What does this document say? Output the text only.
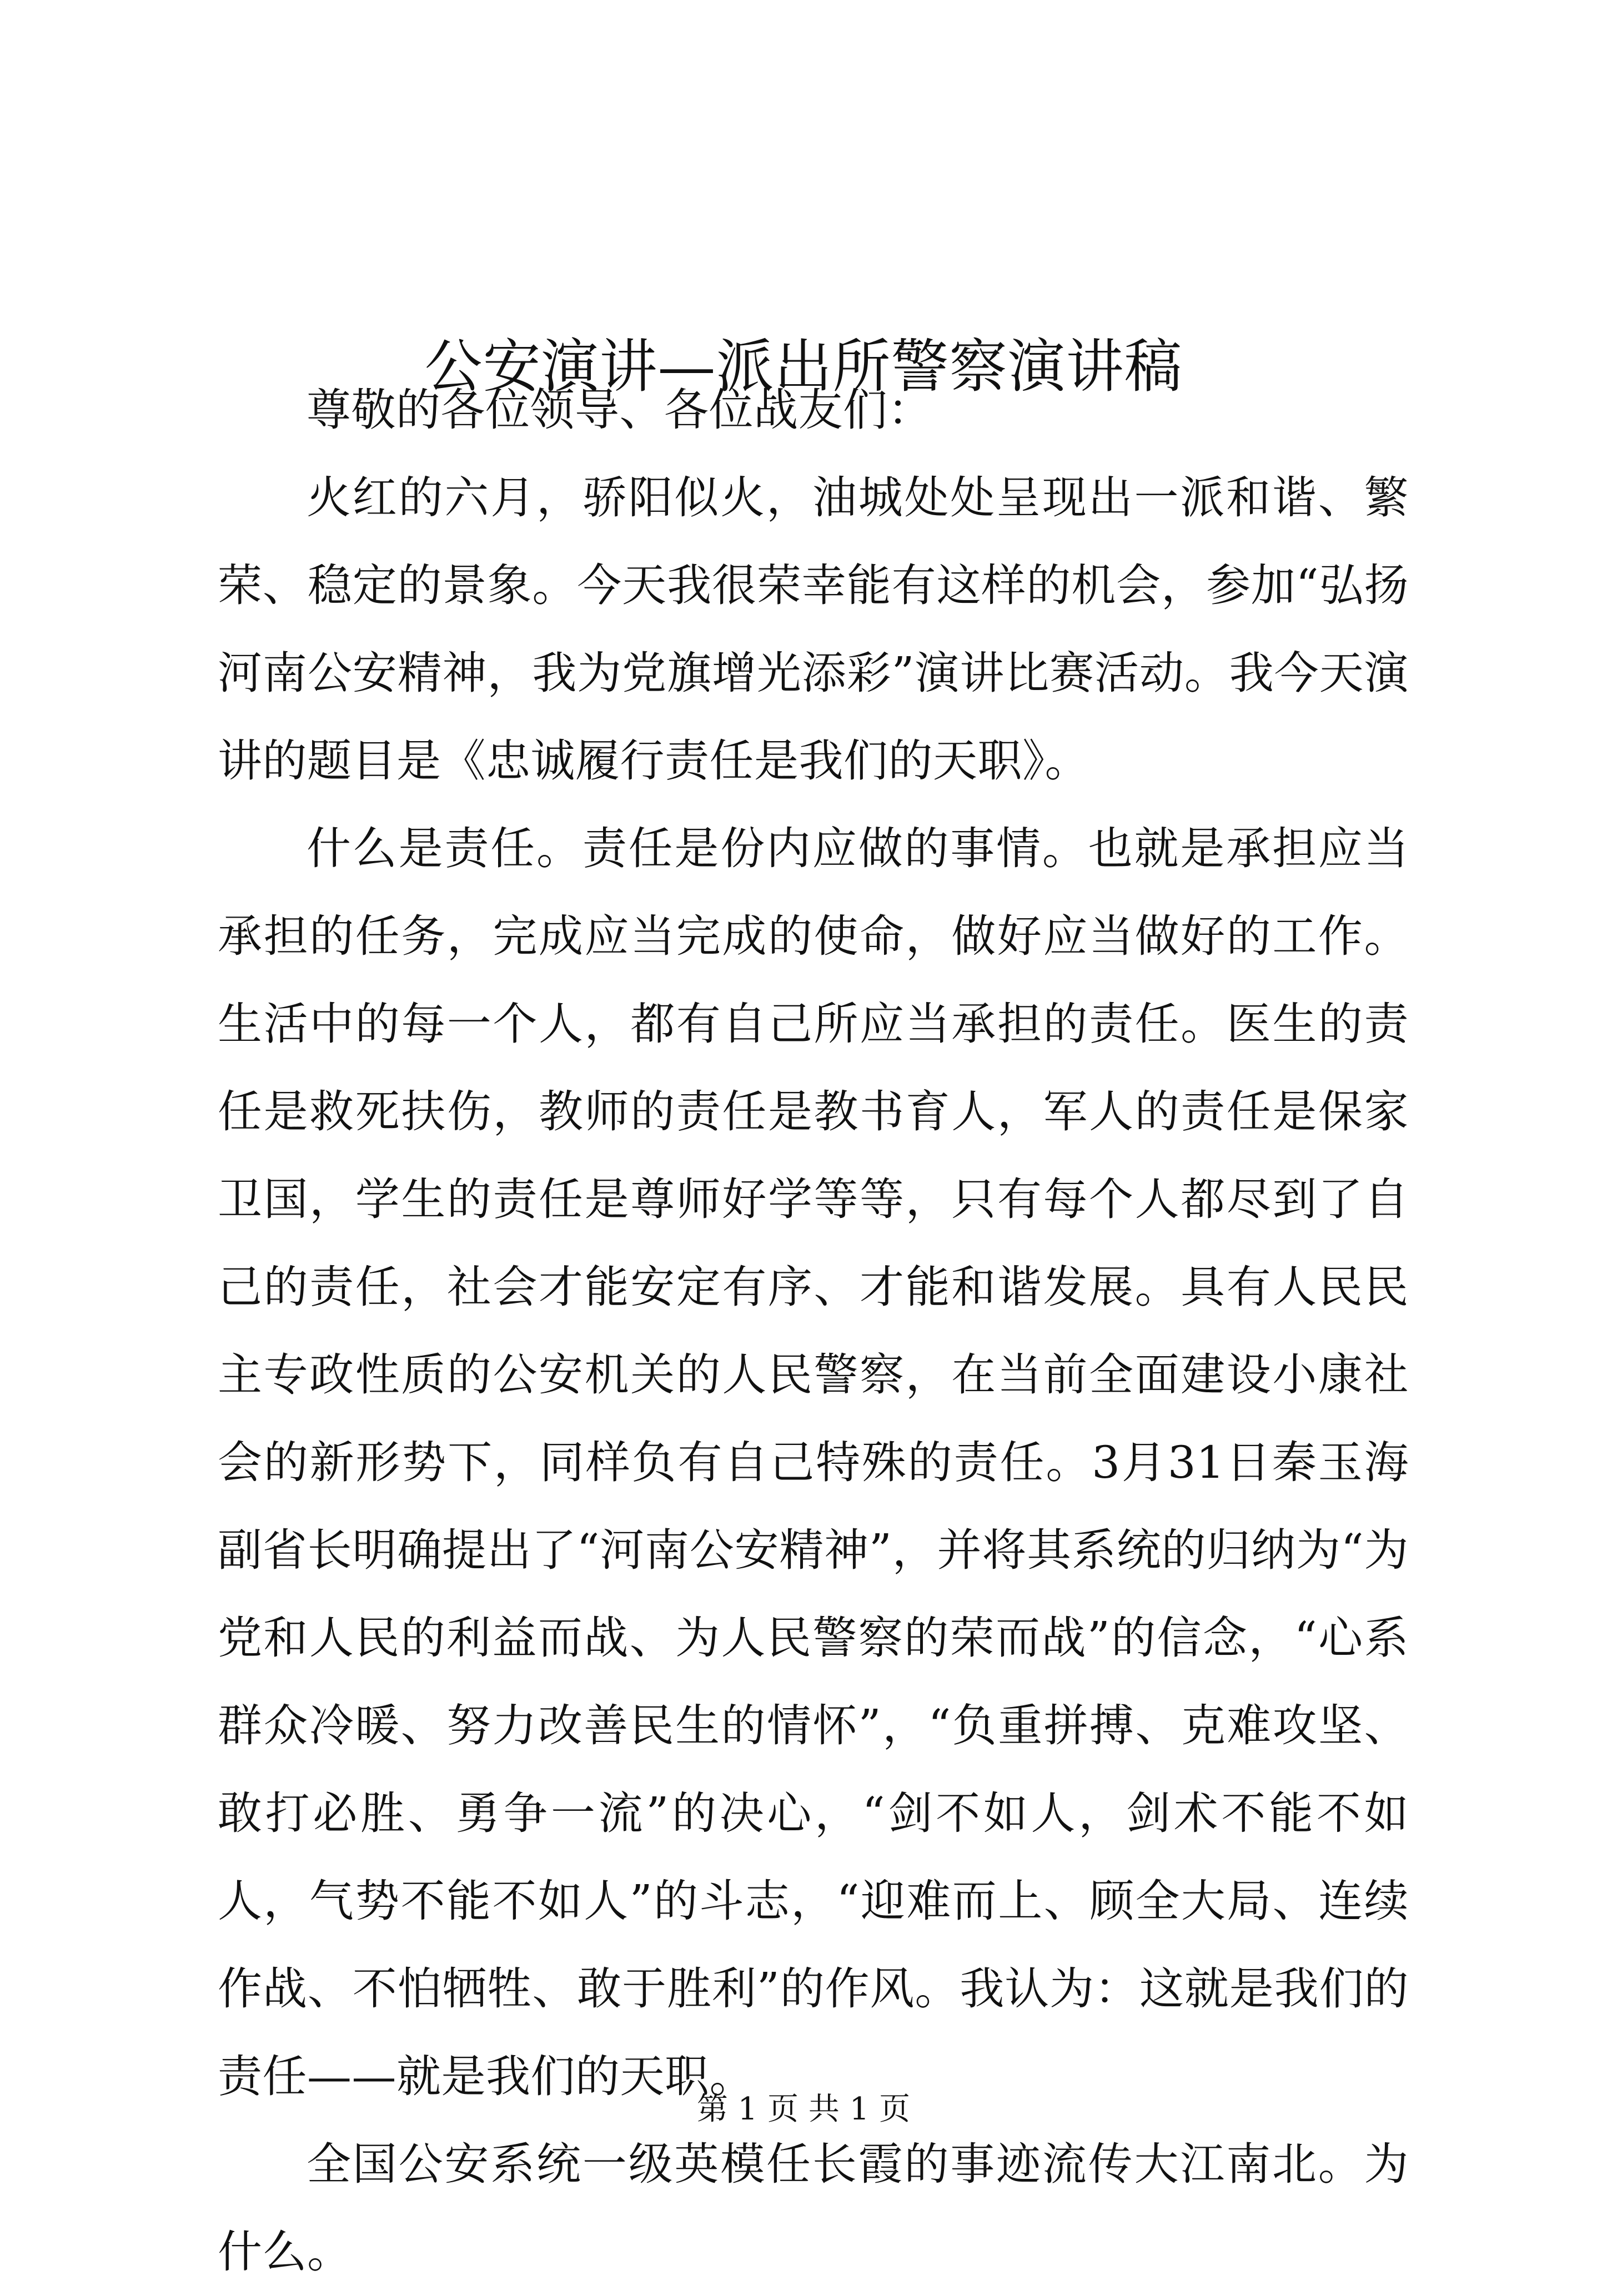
公安演讲—派出所警察演讲稿

尊敬的各位领导、各位战友们：

火红的六月，骄阳似火，油城处处呈现出一派和谐、繁荣、稳定的景象。今天我很荣幸能有这样的机会，参加“弘扬河南公安精神，我为党旗增光添彩”演讲比赛活动。我今天演讲的题目是《忠诚履行责任是我们的天职》。

什么是责任。责任是份内应做的事情。也就是承担应当承担的任务，完成应当完成的使命，做好应当做好的工作。生活中的每一个人，都有自己所应当承担的责任。医生的责任是救死扶伤，教师的责任是教书育人，军人的责任是保家卫国，学生的责任是尊师好学等等，只有每个人都尽到了自己的责任，社会才能安定有序、才能和谐发展。具有人民民主专政性质的公安机关的人民警察，在当前全面建设小康社会的新形势下，同样负有自己特殊的责任。3月31日秦玉海副省长明确提出了“河南公安精神”，并将其系统的归纳为“为党和人民的利益而战、为人民警察的荣而战”的信念，“心系群众冷暖、努力改善民生的情怀”，“负重拼搏、克难攻坚、敢打必胜、勇争一流”的决心，“剑不如人，剑术不能不如人，气势不能不如人”的斗志，“迎难而上、顾全大局、连续作战、不怕牺牲、敢于胜利”的作风。我认为：这就是我们的责任——就是我们的天职。

全国公安系统一级英模任长霞的事迹流传大江南北。为什么。

第 1 页 共 1 页
